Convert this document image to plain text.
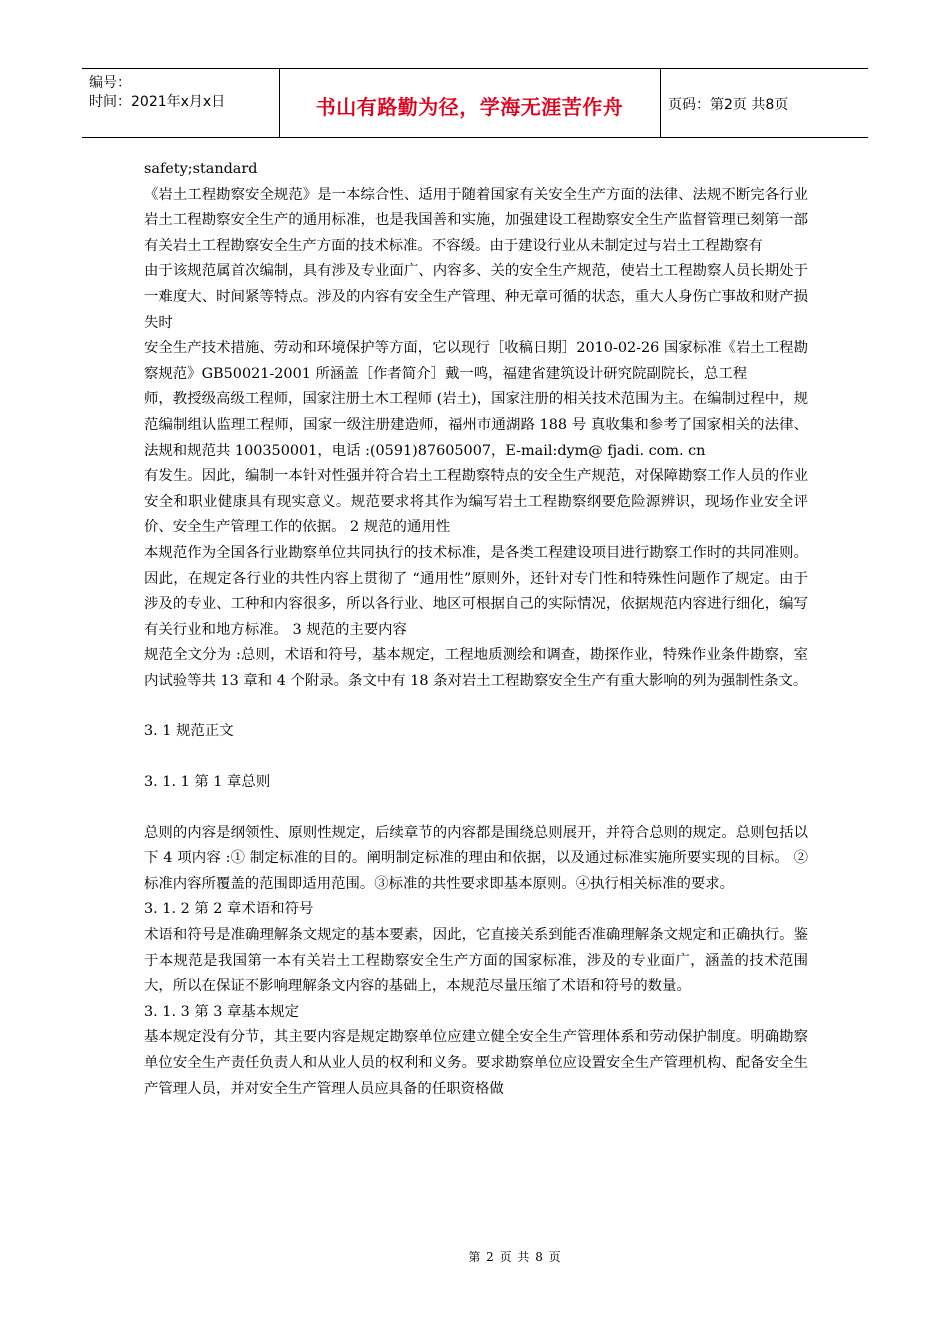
编号：
时间：2021年x月x日	书山有路勤为径，学海无涯苦作舟	页码：第2页 共8页

safety;standard

《岩土工程勘察安全规范》是一本综合性、适用于随着国家有关安全生产方面的法律、法规不断完各行业岩土工程勘察安全生产的通用标准，也是我国善和实施，加强建设工程勘察安全生产监督管理已刻第一部有关岩土工程勘察安全生产方面的技术标准。不容缓。由于建设行业从未制定过与岩土工程勘察有

由于该规范属首次编制，具有涉及专业面广、内容多、关的安全生产规范，使岩土工程勘察人员长期处于一难度大、时间紧等特点。涉及的内容有安全生产管理、种无章可循的状态，重大人身伤亡事故和财产损失时

安全生产技术措施、劳动和环境保护等方面，它以现行［收稿日期］2010-02-26 国家标准《岩土工程勘察规范》GB50021-2001 所涵盖［作者简介］戴一鸣，福建省建筑设计研究院副院长，总工程

师，教授级高级工程师，国家注册土木工程师 (岩土)，国家注册的相关技术范围为主。在编制过程中，规范编制组认监理工程师，国家一级注册建造师，福州市通湖路 188 号 真收集和参考了国家相关的法律、法规和规范共 100350001，电话 :(0591)87605007，E-mail:dym@ fjadi. com. cn

有发生。因此，编制一本针对性强并符合岩土工程勘察特点的安全生产规范，对保障勘察工作人员的作业安全和职业健康具有现实意义。规范要求将其作为编写岩土工程勘察纲要危险源辨识，现场作业安全评价、安全生产管理工作的依据。 2 规范的通用性

本规范作为全国各行业勘察单位共同执行的技术标准，是各类工程建设项目进行勘察工作时的共同准则。因此，在规定各行业的共性内容上贯彻了 “通用性”原则外，还针对专门性和特殊性问题作了规定。由于涉及的专业、工种和内容很多，所以各行业、地区可根据自己的实际情况，依据规范内容进行细化，编写有关行业和地方标准。 3 规范的主要内容

规范全文分为 :总则，术语和符号，基本规定，工程地质测绘和调查，勘探作业，特殊作业条件勘察，室内试验等共 13 章和 4 个附录。条文中有 18 条对岩土工程勘察安全生产有重大影响的列为强制性条文。

3. 1 规范正文

3. 1. 1 第 1 章总则

总则的内容是纲领性、原则性规定，后续章节的内容都是围绕总则展开，并符合总则的规定。总则包括以下 4 项内容 :① 制定标准的目的。阐明制定标准的理由和依据，以及通过标准实施所要实现的目标。 ②标准内容所覆盖的范围即适用范围。③标准的共性要求即基本原则。④执行相关标准的要求。

3. 1. 2 第 2 章术语和符号

术语和符号是准确理解条文规定的基本要素，因此，它直接关系到能否准确理解条文规定和正确执行。鉴于本规范是我国第一本有关岩土工程勘察安全生产方面的国家标准，涉及的专业面广，涵盖的技术范围大，所以在保证不影响理解条文内容的基础上，本规范尽量压缩了术语和符号的数量。

3. 1. 3 第 3 章基本规定

基本规定没有分节，其主要内容是规定勘察单位应建立健全安全生产管理体系和劳动保护制度。明确勘察单位安全生产责任负责人和从业人员的权利和义务。要求勘察单位应设置安全生产管理机构、配备安全生产管理人员，并对安全生产管理人员应具备的任职资格做

第 2 页 共 8 页
